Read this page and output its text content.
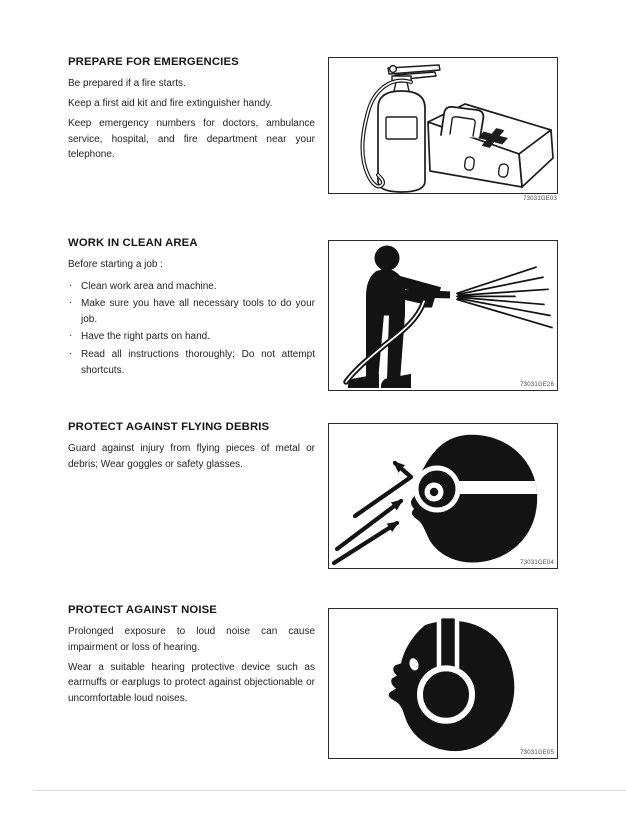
PREPARE FOR EMERGENCIES

Be prepared if a fire starts.

Keep a first aid kit and fire extinguisher handy.

Keep emergency numbers for doctors, ambulance service, hospital, and fire department near your telephone.

73031GE03
WORK IN CLEAN AREA

Before starting a job :

· Clean work area and machine.
· Make sure you have all necessary tools to do your job.
· Have the right parts on hand.
· Read all instructions thoroughly; Do not attempt shortcuts.
73031GE26
PROTECT AGAINST FLYING DEBRIS

Guard against injury from flying pieces of metal or debris; Wear goggles or safety glasses.

73031GE04
PROTECT AGAINST NOISE

Prolonged exposure to loud noise can cause impairment or loss of hearing.

Wear a suitable hearing protective device such as earmuffs or earplugs to protect against objectionable or uncomfortable loud noises.

73031GE05
